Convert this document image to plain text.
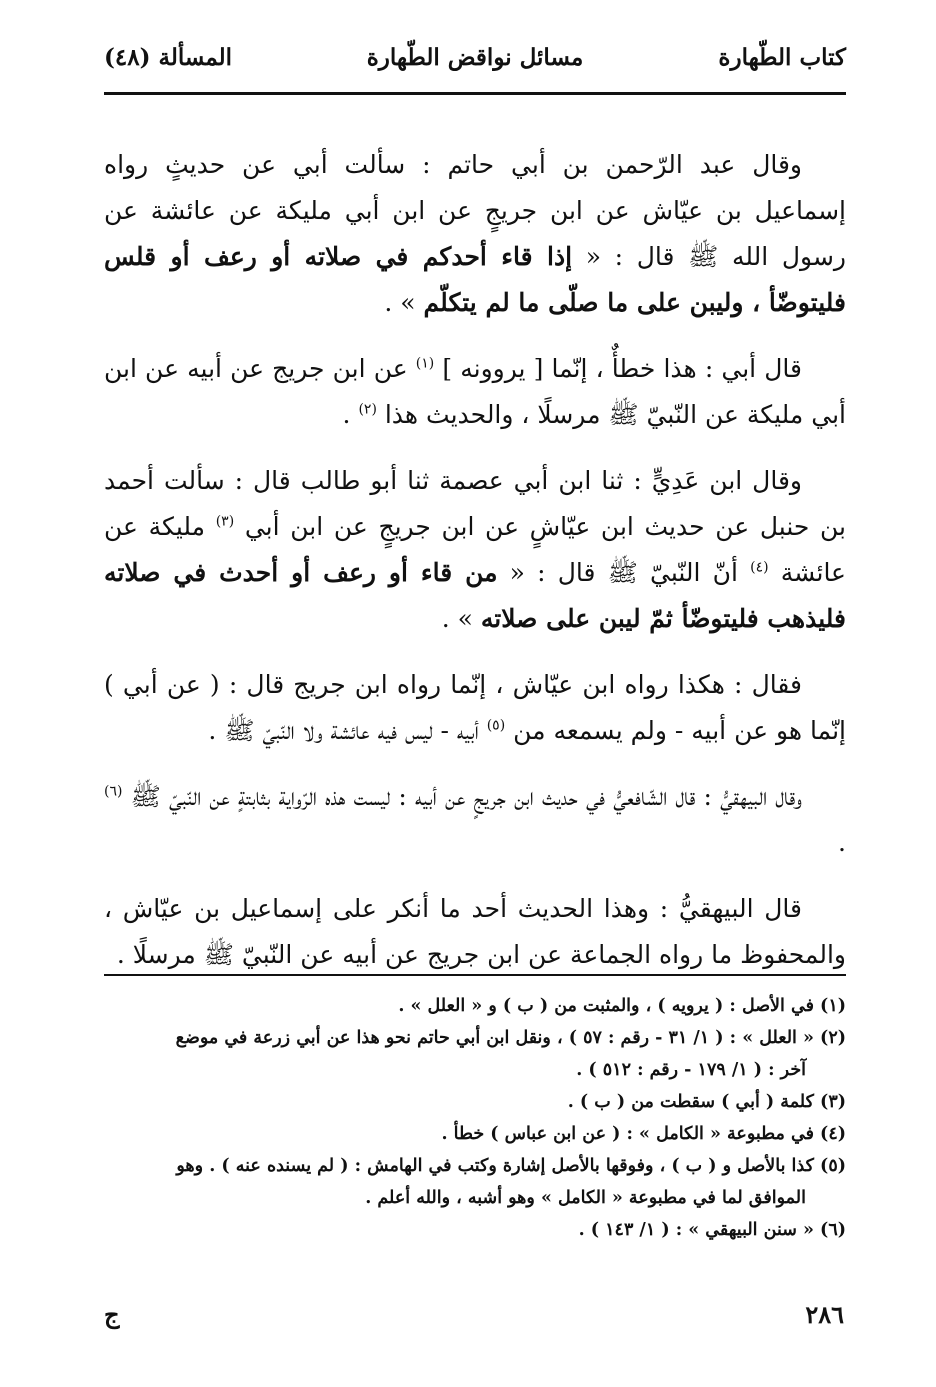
كتاب الطّهارة
مسائل نواقض الطّهارة
المسألة (٤٨)

وقال عبد الرّحمن بن أبي حاتم : سألت أبي عن حديثٍ رواه إسماعيل بن عيّاش عن ابن جريجٍ عن ابن أبي مليكة عن عائشة عن رسول الله ﷺ قال : « إذا قاء أحدكم في صلاته أو رعف أو قلس فليتوضّأ ، وليبن على ما صلّى ما لم يتكلّم » .

قال أبي : هذا خطأٌ ، إنّما [ يروونه ] $^{(١)}$ عن ابن جريج عن أبيه عن ابن أبي مليكة عن النّبيّ ﷺ مرسلًا ، والحديث هذا $^{(٢)}$ .

وقال ابن عَدِيٍّ : ثنا ابن أبي عصمة ثنا أبو طالب قال : سألت أحمد بن حنبل عن حديث ابن عيّاشٍ عن ابن جريجٍ عن ابن أبي $^{(٣)}$ مليكة عن عائشة $^{(٤)}$ أنّ النّبيّ ﷺ قال : « من قاء أو رعف أو أحدث في صلاته فليذهب فليتوضّأ ثمّ ليبن على صلاته » .

فقال : هكذا رواه ابن عيّاش ، إنّما رواه ابن جريج قال : ( عن أبي ) إنّما هو عن أبيه - ولم يسمعه من $^{(٥)}$ أبيه - ليس فيه عائشة ولا النّبيّ ﷺ .

وقال البيهقيُّ : قال الشّافعيُّ في حديث ابن جريجٍ عن أبيه : ليست هذه الرّواية بثابتةٍ عن النّبيّ ﷺ $^{(٦)}$ .

قال البيهقيُّ : وهذا الحديث أحد ما أنكر على إسماعيل بن عيّاش ، والمحفوظ ما رواه الجماعة عن ابن جريج عن أبيه عن النّبيّ ﷺ مرسلًا .

(١) في الأصل : ( يرويه ) ، والمثبت من ( ب ) و « العلل » .

(٢) « العلل » : ( ١/ ٣١ - رقم : ٥٧ ) ، ونقل ابن أبي حاتم نحو هذا عن أبي زرعة في موضع

آخر : ( ١/ ١٧٩ - رقم : ٥١٢ ) .

(٣) كلمة ( أبي ) سقطت من ( ب ) .

(٤) في مطبوعة « الكامل » : ( عن ابن عباس ) خطأ .

(٥) كذا بالأصل و ( ب ) ، وفوقها بالأصل إشارة وكتب في الهامش : ( لم يسنده عنه ) . وهو

الموافق لما في مطبوعة « الكامل » وهو أشبه ، والله أعلم .

(٦) « سنن البيهقي » : ( ١/ ١٤٣ ) .

٢٨٦
ج
